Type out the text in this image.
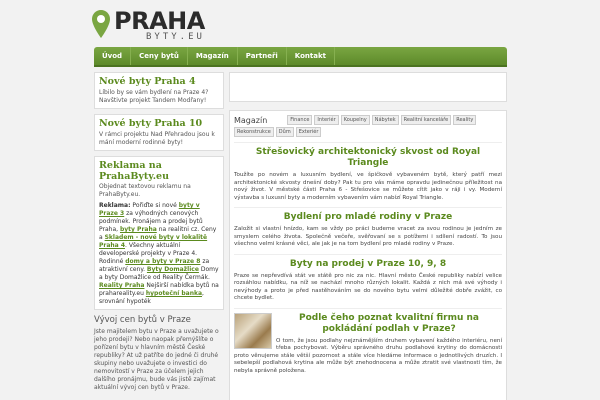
PRAHA
BYTY.EU
Úvod	Ceny bytů	Magazín	Partneři	Kontakt
Nové byty Praha 4
Líbilo by se vám bydlení na Praze 4? Navštivte projekt Tandem Modřany!
Nové byty Praha 10
V rámci projektu Nad Přehradou jsou k mání moderní rodinné byty!
Reklama na PrahaByty.eu
Objednat textovou reklamu na PrahaByty.eu.
Reklama: Pořiďte si nové byty v Praze 3 za výhodných cenových podmínek. Pronájem a prodej bytů Praha, byty Praha na realitni cz. Ceny a Skladem - nové byty v lokalitě Praha 4. Všechny aktuální developerské projekty v Praze 4. Rodinné domy a byty v Praze 8 za atraktivní ceny. Byty Domažlice Domy a byty Domažlice od Reality Čermák. Reality Praha Nejširší nabídka bytů na prahareality.eu hypoteční banka, srovnání hypoték
Vývoj cen bytů v Praze
Jste majitelem bytu v Praze a uvažujete o jeho prodeji? Nebo naopak přemýšlíte o pořízení bytu v hlavním městě České republiky? At už patříte do jedné či druhé skupiny nebo uvažujete o investici do nemovitostí v Praze za účelem jejich dalšího pronájmu, bude vás jistě zajímat aktuální vývoj cen bytů v Praze.
Magazín	Finance	Interiér	Koupelny	Nábytek	Realitní kanceláře	Reality
Rekonstrukce	Dům	Exteriér
Střešovický architektonický skvost od Royal Triangle
Toužíte po novém a luxusním bydlení, ve špičkově vybaveném bytě, který patří mezi architektonické skvosty dnešní doby? Pak tu pro vás máme opravdu jedinečnou příležitost na nový život. V městské části Praha 6 - Střešovice se můžete cítit jako v ráji i vy. Moderní výstavba s luxusní byty a moderním vybavením vám nabízí Royal Triangle.
Bydlení pro mladé rodiny v Praze
Založit si vlastní hnízdo, kam se vždy po práci budeme vracet za svou rodinou je jedním ze smyslem celého života. Společně večeře, svěřovaní se s potížemi i sdílení radostí. To jsou všechno velmi krásné věci, ale jak je na tom bydlení pro mladé rodiny v Praze.
Byty na prodej v Praze 10, 9, 8
Praze se nepřevdívá stát ve státě pro nic za nic. Hlavní město České republiky nabízí velice rozsáhlou nabídku, na níž se nachází mnoho různých lokalit. Každá z nich má své výhody i nevýhody a proto je před nastěhováním se do nového bytu velmi důležité dobře zvážit, co chcete bydlet.
Podle čeho poznat kvalitní firmu na pokládání podlah v Praze?
O tom, že jsou podlahy nejznámějším druhem vybavení každého interiéru, není třeba pochybovat. Výběru správného druhu podlahové krytiny do domácnosti proto věnujeme stále větší pozornost a stále více hledáme informace o jednotlivých druzích. I sebelepší podlahová krytina ale může být znehodnocena a může ztratit své vlastnosti tím, že nebyla správně položena.
